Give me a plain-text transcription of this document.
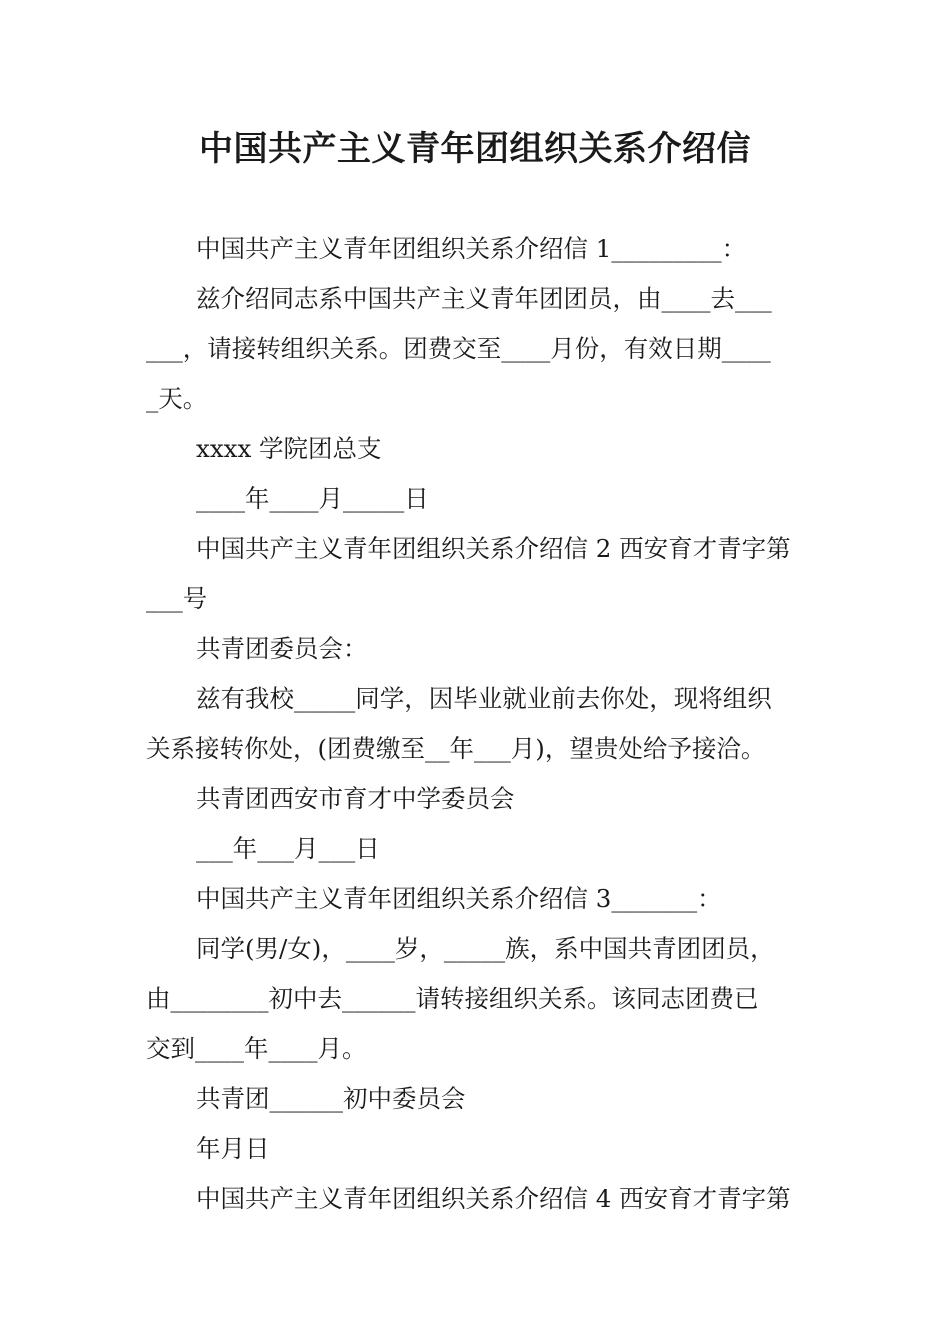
中国共产主义青年团组织关系介绍信
中国共产主义青年团组织关系介绍信 1_________：
兹介绍同志系中国共产主义青年团团员，由____去___
___，请接转组织关系。团费交至____月份，有效日期____
_天。
xxxx 学院团总支
____年____月_____日
中国共产主义青年团组织关系介绍信 2 西安育才青字第
___号
共青团委员会：
兹有我校_____同学，因毕业就业前去你处，现将组织
关系接转你处，(团费缴至__年___月)，望贵处给予接洽。
共青团西安市育才中学委员会
___年___月___日
中国共产主义青年团组织关系介绍信 3_______：
同学(男/女)，____岁，_____族，系中国共青团团员，
由________初中去______请转接组织关系。该同志团费已
交到____年____月。
共青团______初中委员会
年月日
中国共产主义青年团组织关系介绍信 4 西安育才青字第
